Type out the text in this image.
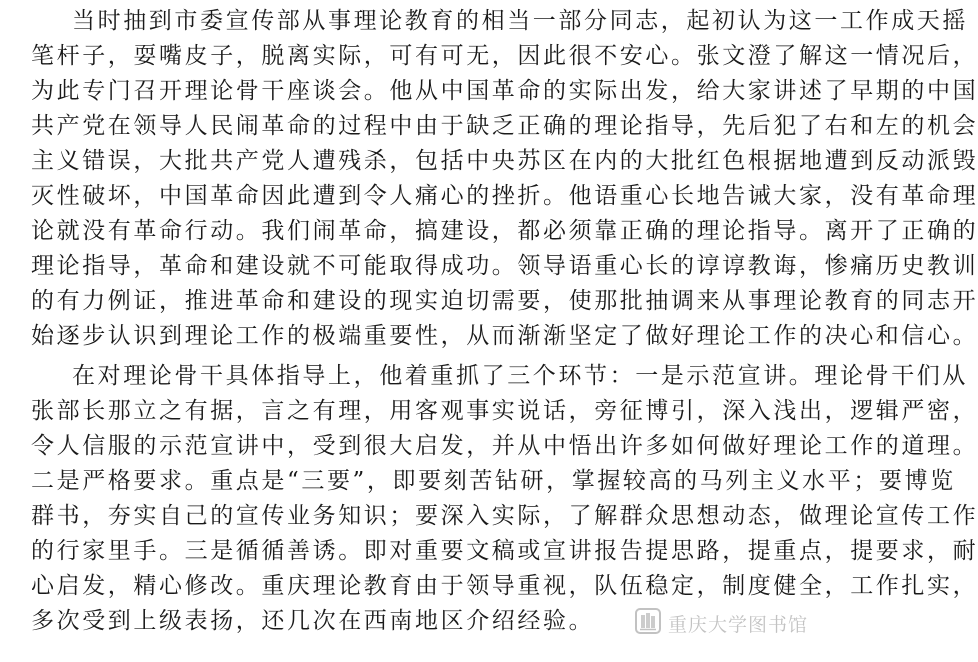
当时抽到市委宣传部从事理论教育的相当一部分同志，起初认为这一工作成天摇
笔杆子，耍嘴皮子，脱离实际，可有可无，因此很不安心。张文澄了解这一情况后，
为此专门召开理论骨干座谈会。他从中国革命的实际出发，给大家讲述了早期的中国
共产党在领导人民闹革命的过程中由于缺乏正确的理论指导，先后犯了右和左的机会
主义错误，大批共产党人遭残杀，包括中央苏区在内的大批红色根据地遭到反动派毁
灭性破坏，中国革命因此遭到令人痛心的挫折。他语重心长地告诫大家，没有革命理
论就没有革命行动。我们闹革命，搞建设，都必须靠正确的理论指导。离开了正确的
理论指导，革命和建设就不可能取得成功。领导语重心长的谆谆教诲，惨痛历史教训
的有力例证，推进革命和建设的现实迫切需要，使那批抽调来从事理论教育的同志开
始逐步认识到理论工作的极端重要性，从而渐渐坚定了做好理论工作的决心和信心。
在对理论骨干具体指导上，他着重抓了三个环节：一是示范宣讲。理论骨干们从
张部长那立之有据，言之有理，用客观事实说话，旁征博引，深入浅出，逻辑严密，
令人信服的示范宣讲中，受到很大启发，并从中悟出许多如何做好理论工作的道理。
二是严格要求。重点是“三要”，即要刻苦钻研，掌握较高的马列主义水平；要博览
群书，夯实自己的宣传业务知识；要深入实际，了解群众思想动态，做理论宣传工作
的行家里手。三是循循善诱。即对重要文稿或宣讲报告提思路，提重点，提要求，耐
心启发，精心修改。重庆理论教育由于领导重视，队伍稳定，制度健全，工作扎实，
多次受到上级表扬，还几次在西南地区介绍经验。	重庆大学图书馆
